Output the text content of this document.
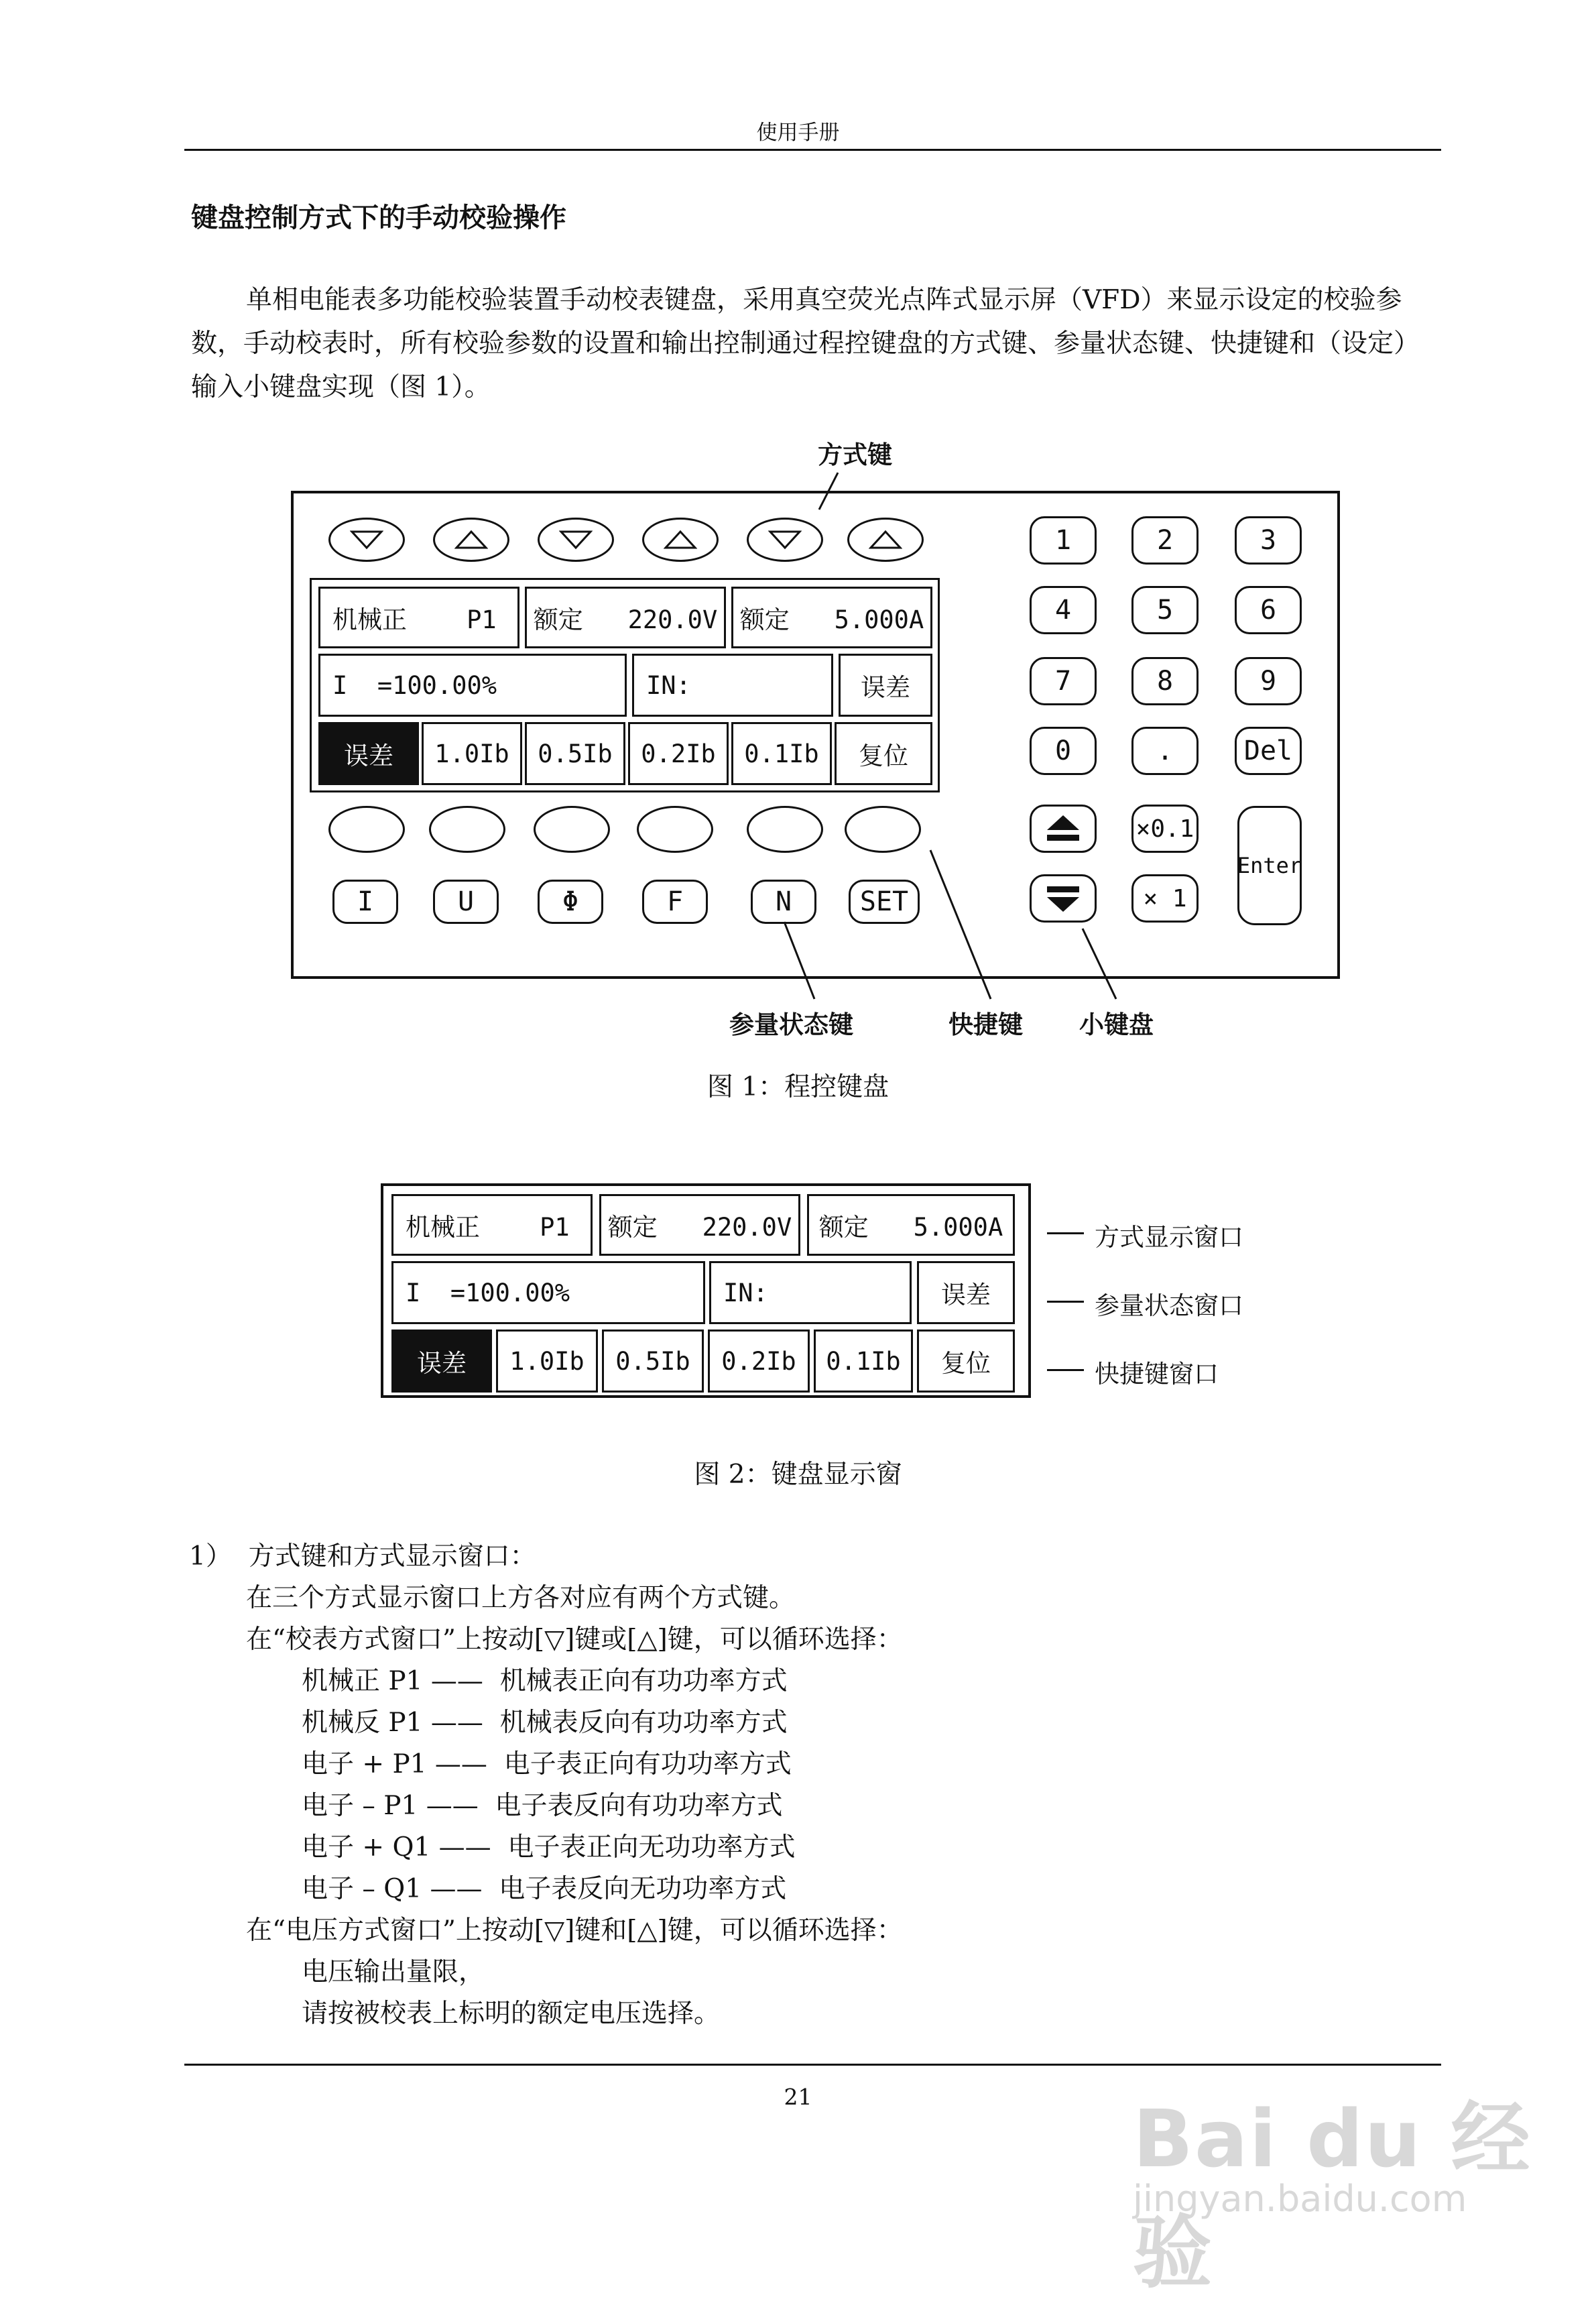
使用手册
键盘控制方式下的手动校验操作
单相电能表多功能校验装置手动校表键盘，采用真空荧光点阵式显示屏（VFD）来显示设定的校验参数，手动校表时，所有校验参数的设置和输出控制通过程控键盘的方式键、参量状态键、快捷键和（设定）输入小键盘实现（图 1）。
机械正    P1	额定   220.0V 额定   5.000A
I  =100.00%	IN:	误差
误差	1.0Ib	0.5Ib	0.2Ib	0.1Ib	复位
I	U	Φ	F	N	SET
1	2	3
4	5	6
7	8	9
0	.	Del
×0.1
× 1
Enter
方式键
参量状态键	快捷键 小键盘
图 1：程控键盘
机械正    P1	额定   220.0V	额定   5.000A
I  =100.00%	IN:	误差
误差	1.0Ib	0.5Ib	0.2Ib	0.1Ib	复位
方式显示窗口
参量状态窗口
快捷键窗口
图 2：键盘显示窗
1）  方式键和方式显示窗口：
在三个方式显示窗口上方各对应有两个方式键。
在“校表方式窗口”上按动[▽]键或[△]键，可以循环选择：
机械正 P1 ——  机械表正向有功功率方式
机械反 P1 ——  机械表反向有功功率方式
电子 + P1 ——  电子表正向有功功率方式
电子 – P1 ——  电子表反向有功功率方式
电子 + Q1 ——  电子表正向无功功率方式
电子 – Q1 ——  电子表反向无功功率方式
在“电压方式窗口”上按动[▽]键和[△]键，可以循环选择：
电压输出量限，
请按被校表上标明的额定电压选择。
21	Bai du 经验
jingyan.baidu.com
